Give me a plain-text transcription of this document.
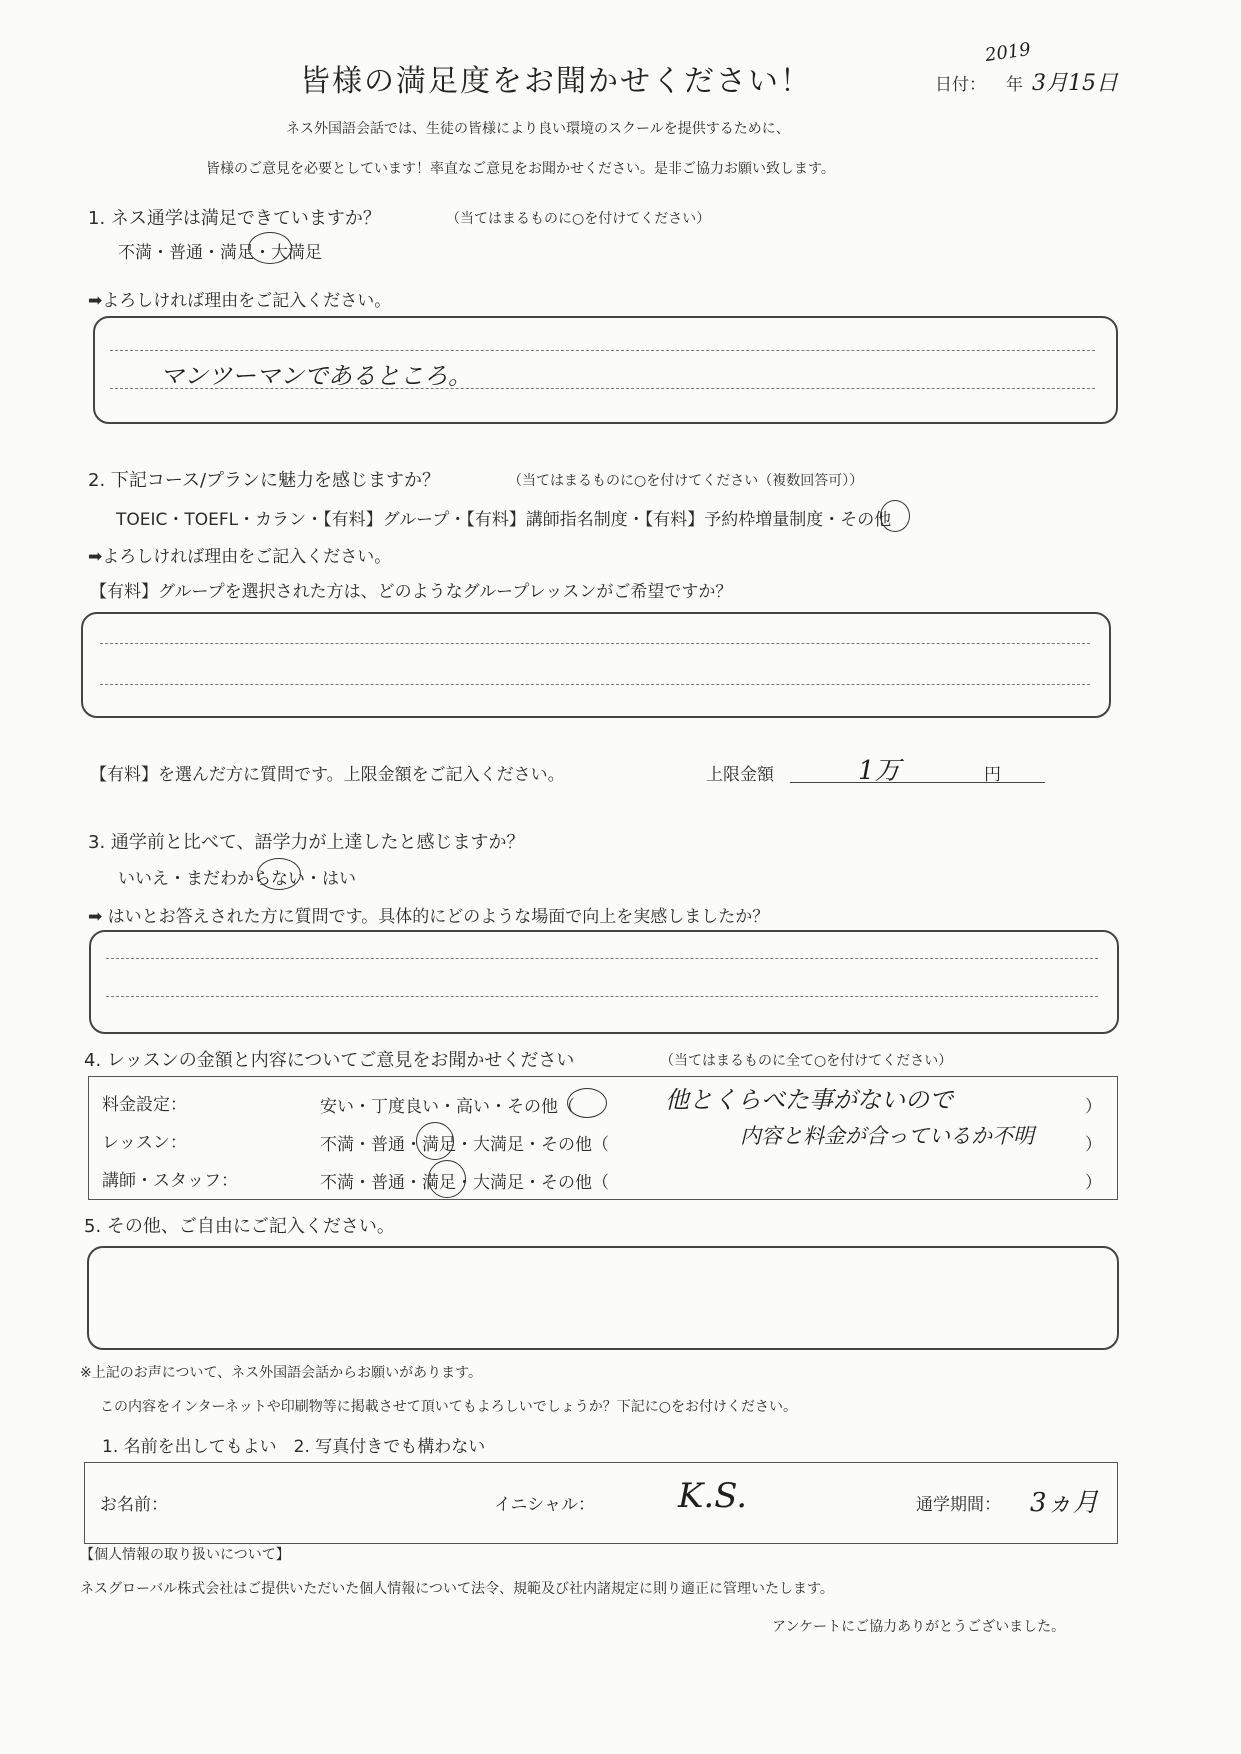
皆様の満足度をお聞かせください！	日付：
2019
年 3月15日
ネス外国語会話では、生徒の皆様により良い環境のスクールを提供するために、
皆様のご意見を必要としています！率直なご意見をお聞かせください。是非ご協力お願い致します。
1. ネス通学は満足できていますか？	（当てはまるものに○を付けてください）
不満・普通・満足・大満足
➡よろしければ理由をご記入ください。
マンツーマンであるところ。
2. 下記コース/プランに魅力を感じますか？	（当てはまるものに○を付けてください（複数回答可））
TOEIC・TOEFL・カラン・【有料】グループ・【有料】講師指名制度・【有料】予約枠増量制度・その他
➡よろしければ理由をご記入ください。
【有料】グループを選択された方は、どのようなグループレッスンがご希望ですか？
【有料】を選んだ方に質問です。上限金額をご記入ください。	上限金額	1万	円
3. 通学前と比べて、語学力が上達したと感じますか？
いいえ・まだわからない・はい
➡ はいとお答えされた方に質問です。具体的にどのような場面で向上を実感しましたか？
4. レッスンの金額と内容についてご意見をお聞かせください	（当てはまるものに全て○を付けてください）
料金設定：	安い・丁度良い・高い・その他（	他とくらべた事がないので	）
レッスン：	不満・普通・満足・大満足・その他（	内容と料金が合っているか不明	）
講師・スタッフ：	不満・普通・満足・大満足・その他（	）
5. その他、ご自由にご記入ください。
※上記のお声について、ネス外国語会話からお願いがあります。
この内容をインターネットや印刷物等に掲載させて頂いてもよろしいでしょうか？下記に○をお付けください。
1. 名前を出してもよい　2. 写真付きでも構わない
お名前：	イニシャル： K.S.	通学期間： 3ヵ月
【個人情報の取り扱いについて】
ネスグローバル株式会社はご提供いただいた個人情報について法令、規範及び社内諸規定に則り適正に管理いたします。
アンケートにご協力ありがとうございました。
